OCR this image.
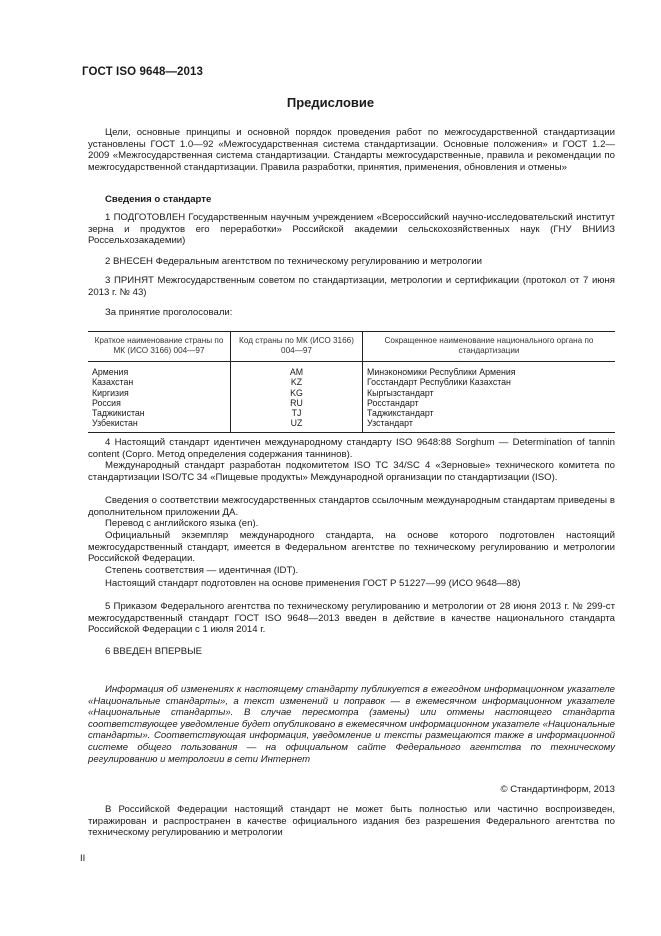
ГОСТ ISO 9648—2013
Предисловие

Цели, основные принципы и основной порядок проведения работ по межгосударственной стандартизации установлены ГОСТ 1.0—92 «Межгосударственная система стандартизации. Основные положения» и ГОСТ 1.2—2009 «Межгосударственная система стандартизации. Стандарты межгосударственные, правила и рекомендации по межгосударственной стандартизации. Правила разработки, принятия, применения, обновления и отмены»

Сведения о стандарте

1 ПОДГОТОВЛЕН Государственным научным учреждением «Всероссийский научно-исследовательский институт зерна и продуктов его переработки» Российской академии сельскохозяйственных наук (ГНУ ВНИИЗ Россельхозакадемии)

2 ВНЕСЕН Федеральным агентством по техническому регулированию и метрологии

3 ПРИНЯТ Межгосударственным советом по стандартизации, метрологии и сертификации (протокол от 7 июня 2013 г. № 43)

За принятие проголосовали:

Краткое наименование страны по МК (ИСО 3166) 004—97	Код страны по МК (ИСО 3166) 004—97	Сокращенное наименование национального органа по стандартизации
Армения	AM	Минэкономики Республики Армения
Казахстан	KZ	Госстандарт Республики Казахстан
Киргизия	KG	Кыргызстандарт
Россия	RU	Росстандарт
Таджикистан	TJ	Таджикстандарт
Узбекистан	UZ	Узстандарт

4 Настоящий стандарт идентичен международному стандарту ISO 9648:88 Sorghum — Determination of tannin content (Сорго. Метод определения содержания таннинов).

Международный стандарт разработан подкомитетом ISO TC 34/SC 4 «Зерновые» технического комитета по стандартизации ISO/TC 34 «Пищевые продукты» Международной организации по стандартизации (ISO).

Сведения о соответствии межгосударственных стандартов ссылочным международным стандартам приведены в дополнительном приложении ДА.

Перевод с английского языка (en).

Официальный экземпляр международного стандарта, на основе которого подготовлен настоящий межгосударственный стандарт, имеется в Федеральном агентстве по техническому регулированию и метрологии Российской Федерации.

Степень соответствия — идентичная (IDT).

Настоящий стандарт подготовлен на основе применения ГОСТ Р 51227—99 (ИСО 9648—88)

5 Приказом Федерального агентства по техническому регулированию и метрологии от 28 июня 2013 г. № 299-ст межгосударственный стандарт ГОСТ ISO 9648—2013 введен в действие в качестве национального стандарта Российской Федерации с 1 июля 2014 г.

6 ВВЕДЕН ВПЕРВЫЕ

Информация об изменениях к настоящему стандарту публикуется в ежегодном информационном указателе «Национальные стандарты», а текст изменений и поправок — в ежемесячном информационном указателе «Национальные стандарты». В случае пересмотра (замены) или отмены настоящего стандарта соответствующее уведомление будет опубликовано в ежемесячном информационном указателе «Национальные стандарты». Соответствующая информация, уведомление и тексты размещаются также в информационной системе общего пользования — на официальном сайте Федерального агентства по техническому регулированию и метрологии в сети Интернет

© Стандартинформ, 2013

В Российской Федерации настоящий стандарт не может быть полностью или частично воспроизведен, тиражирован и распространен в качестве официального издания без разрешения Федерального агентства по техническому регулированию и метрологии

II
